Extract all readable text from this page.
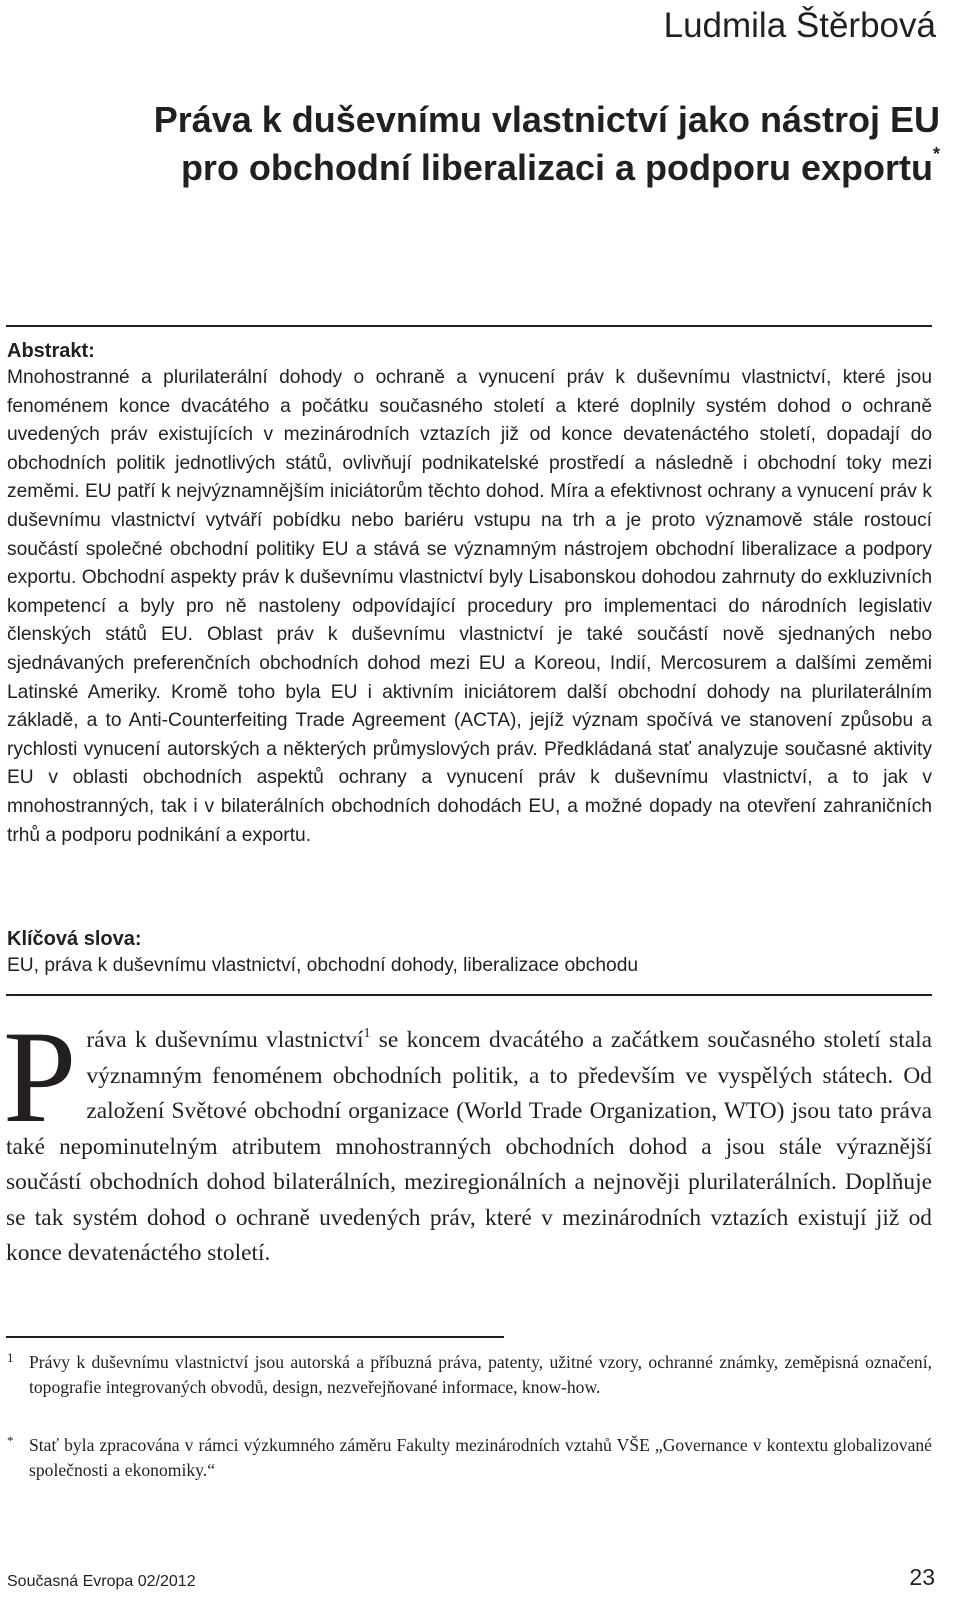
Ludmila Štěrbová
Práva k duševnímu vlastnictví jako nástroj EU
pro obchodní liberalizaci a podporu exportu*
Abstrakt:
Mnohostranné a plurilaterální dohody o ochraně a vynucení práv k duševnímu vlastnictví, které jsou fenoménem konce dvacátého a počátku současného století a které doplnily systém dohod o ochraně uvedených práv existujících v mezinárodních vztazích již od konce devatenáctého století, dopadají do obchodních politik jednotlivých států, ovlivňují podnikatelské prostředí a následně i obchodní toky mezi zeměmi. EU patří k nejvýznamnějším iniciátorům těchto dohod. Míra a efektivnost ochrany a vynucení práv k duševnímu vlastnictví vytváří pobídku nebo bariéru vstupu na trh a je proto významově stále rostoucí součástí společné obchodní politiky EU a stává se významným nástrojem obchodní liberalizace a podpory exportu. Obchodní aspekty práv k duševnímu vlastnictví byly Lisabonskou dohodou zahrnuty do exkluzivních kompetencí a byly pro ně nastoleny odpovídající procedury pro implementaci do národních legislativ členských států EU. Oblast práv k duševnímu vlastnictví je také součástí nově sjednaných nebo sjednávaných preferenčních obchodních dohod mezi EU a Koreou, Indií, Mercosurem a dalšími zeměmi Latinské Ameriky. Kromě toho byla EU i aktivním iniciátorem další obchodní dohody na plurilaterálním základě, a to Anti-Counterfeiting Trade Agreement (ACTA), jejíž význam spočívá ve stanovení způsobu a rychlosti vynucení autorských a některých průmyslových práv. Předkládaná stať analyzuje současné aktivity EU v oblasti obchodních aspektů ochrany a vynucení práv k duševnímu vlastnictví, a to jak v mnohostranných, tak i v bilaterálních obchodních dohodách EU, a možné dopady na otevření zahraničních trhů a podporu podnikání a exportu.
Klíčová slova:
EU, práva k duševnímu vlastnictví, obchodní dohody, liberalizace obchodu
Práva k duševnímu vlastnictví$^1$ se koncem dvacátého a začátkem současného století stala významným fenoménem obchodních politik, a to především ve vyspělých státech. Od založení Světové obchodní organizace (World Trade Organization, WTO) jsou tato práva také nepominutelným atributem mnohostranných obchodních dohod a jsou stále výraznější součástí obchodních dohod bilaterálních, meziregionálních a nejnověji plurilaterálních. Doplňuje se tak systém dohod o ochraně uvedených práv, které v mezinárodních vztazích existují již od konce devatenáctého století.
1 Právy k duševnímu vlastnictví jsou autorská a příbuzná práva, patenty, užitné vzory, ochranné známky, zeměpisná označení, topografie integrovaných obvodů, design, nezveřejňované informace, know-how.
* Stať byla zpracována v rámci výzkumného záměru Fakulty mezinárodních vztahů VŠE „Governance v kontextu globalizované společnosti a ekonomiky.“
Současná Evropa 02/2012	23
